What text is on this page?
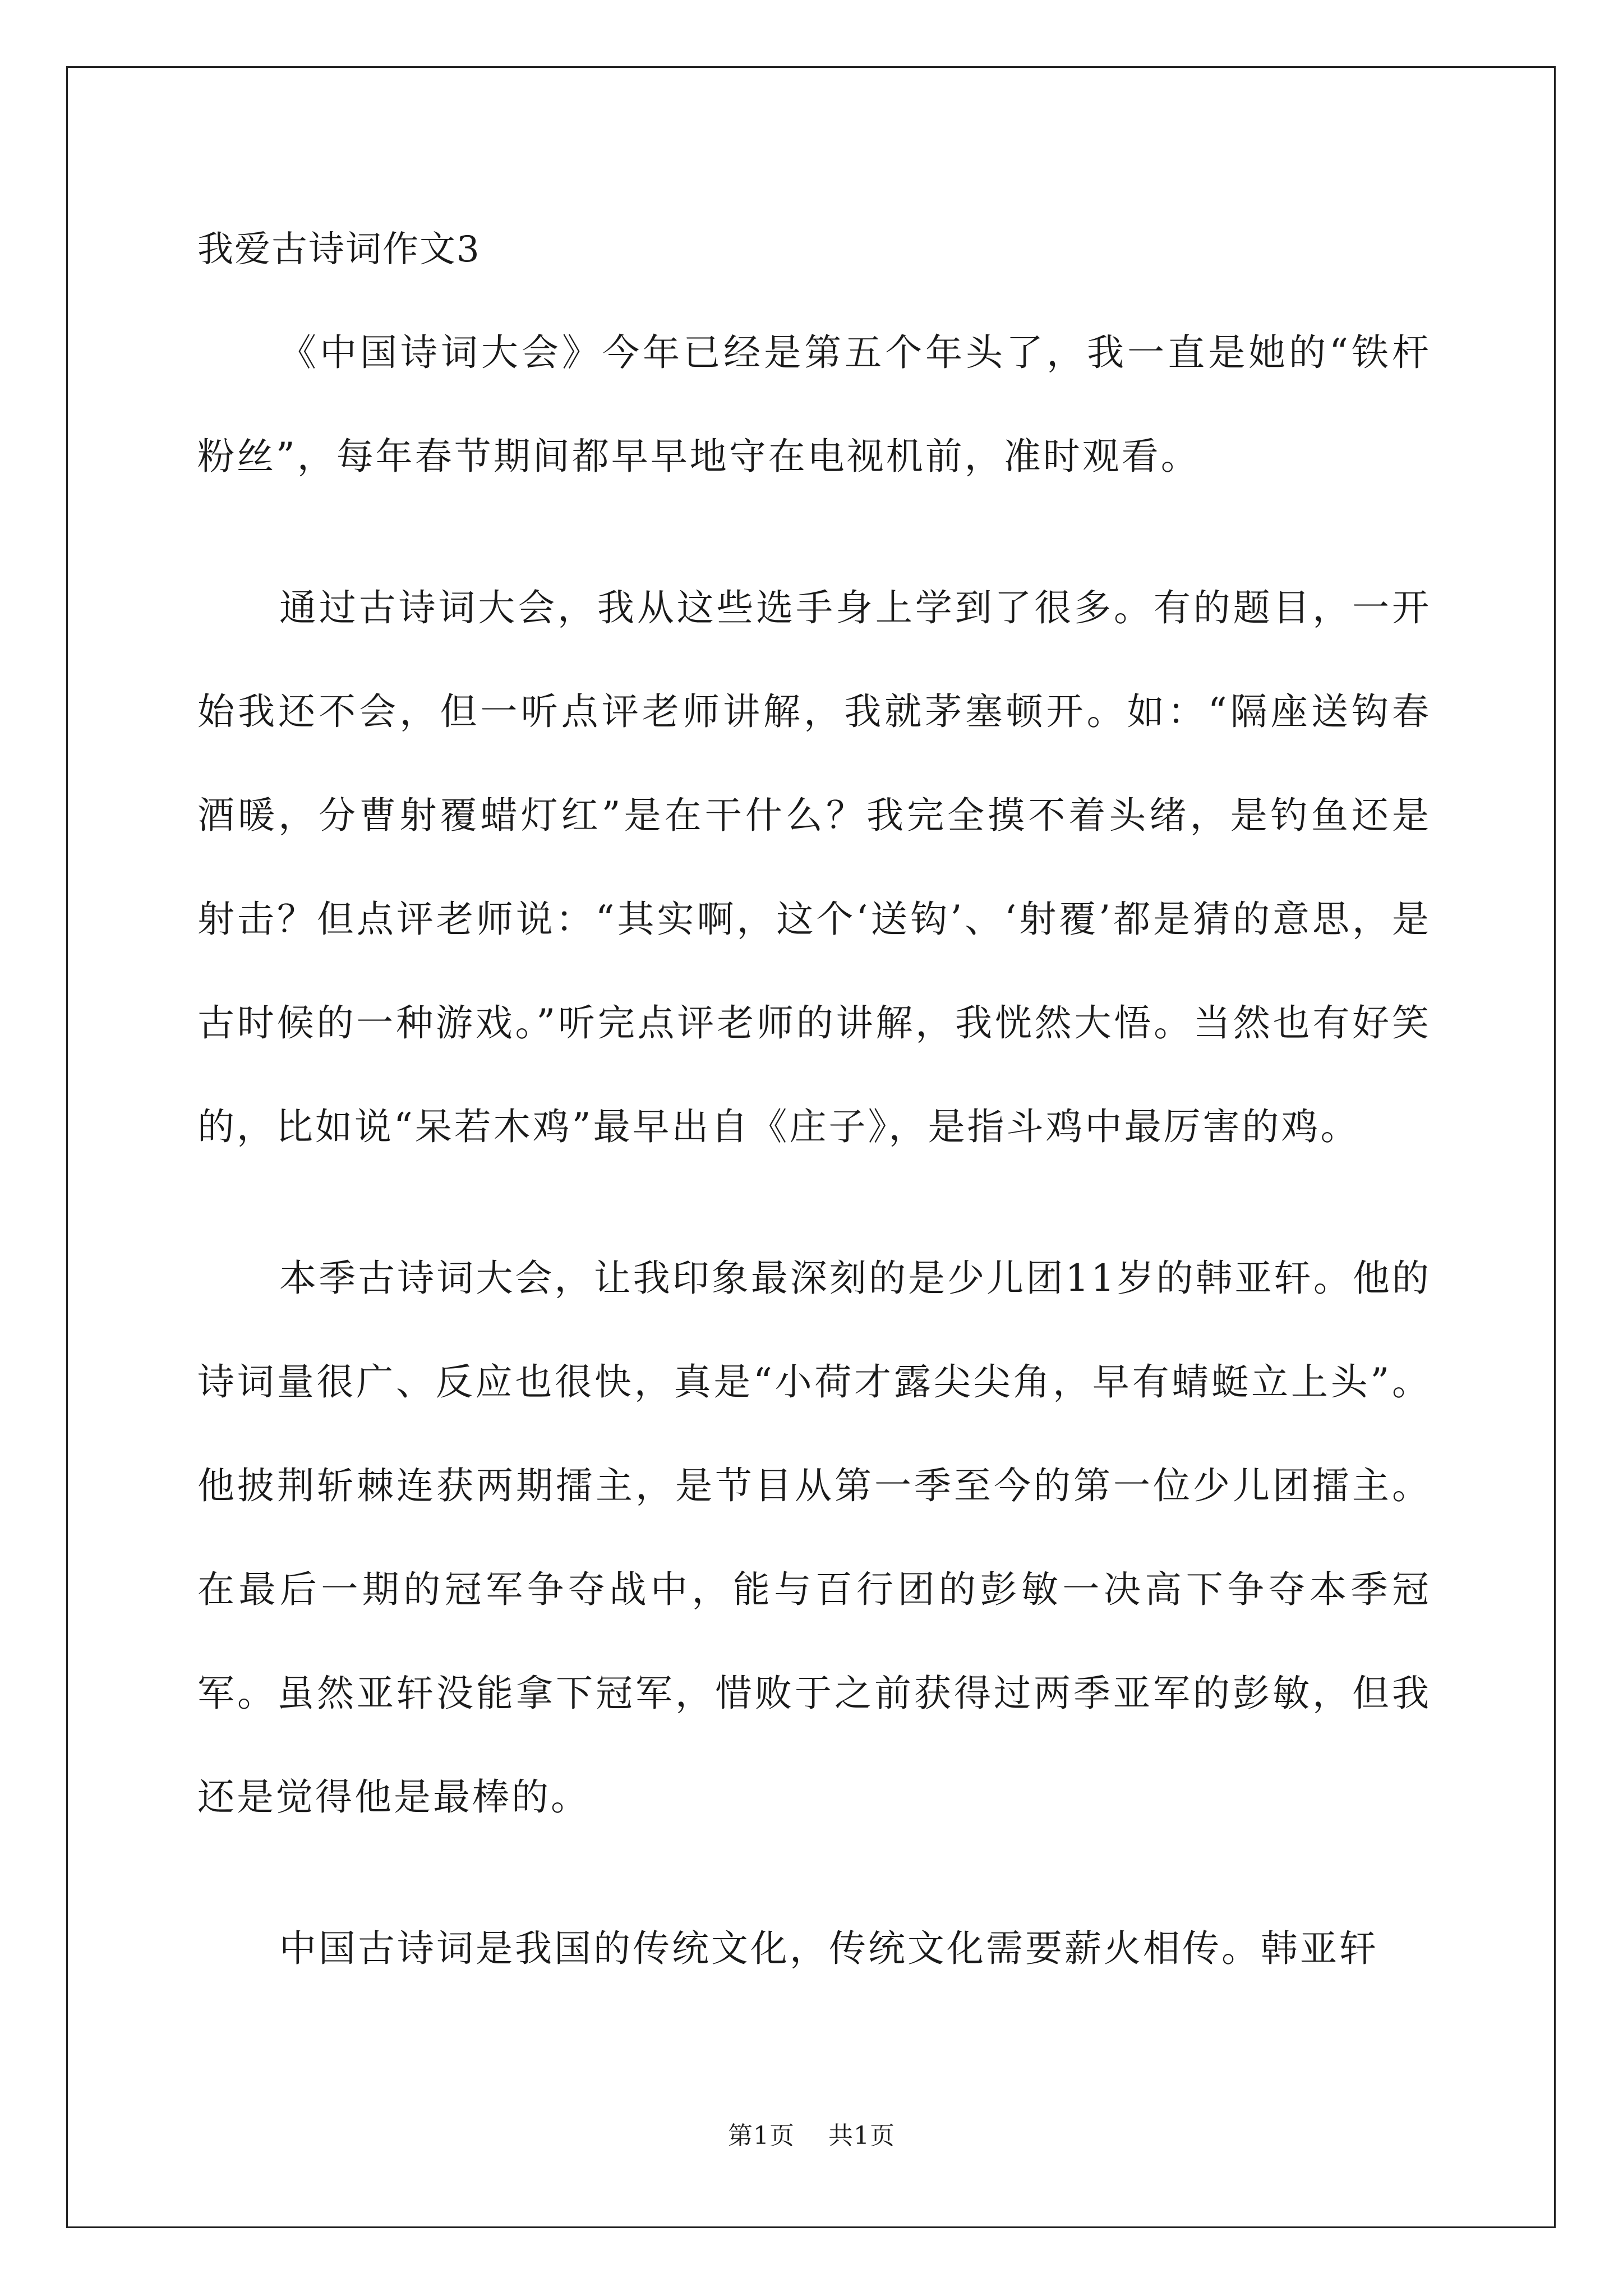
我爱古诗词作文3

《中国诗词大会》今年已经是第五个年头了，我一直是她的“铁杆粉丝”，每年春节期间都早早地守在电视机前，准时观看。

通过古诗词大会，我从这些选手身上学到了很多。有的题目，一开始我还不会，但一听点评老师讲解，我就茅塞顿开。如：“隔座送钩春酒暖，分曹射覆蜡灯红”是在干什么？我完全摸不着头绪，是钓鱼还是射击？但点评老师说：“其实啊，这个‘送钩’、‘射覆’都是猜的意思，是古时候的一种游戏。”听完点评老师的讲解，我恍然大悟。当然也有好笑的，比如说“呆若木鸡”最早出自《庄子》，是指斗鸡中最厉害的鸡。

本季古诗词大会，让我印象最深刻的是少儿团11岁的韩亚轩。他的诗词量很广、反应也很快，真是“小荷才露尖尖角，早有蜻蜓立上头”。他披荆斩棘连获两期擂主，是节目从第一季至今的第一位少儿团擂主。在最后一期的冠军争夺战中，能与百行团的彭敏一决高下争夺本季冠军。虽然亚轩没能拿下冠军，惜败于之前获得过两季亚军的彭敏，但我还是觉得他是最棒的。

中国古诗词是我国的传统文化，传统文化需要薪火相传。韩亚轩

第1页 共1页
